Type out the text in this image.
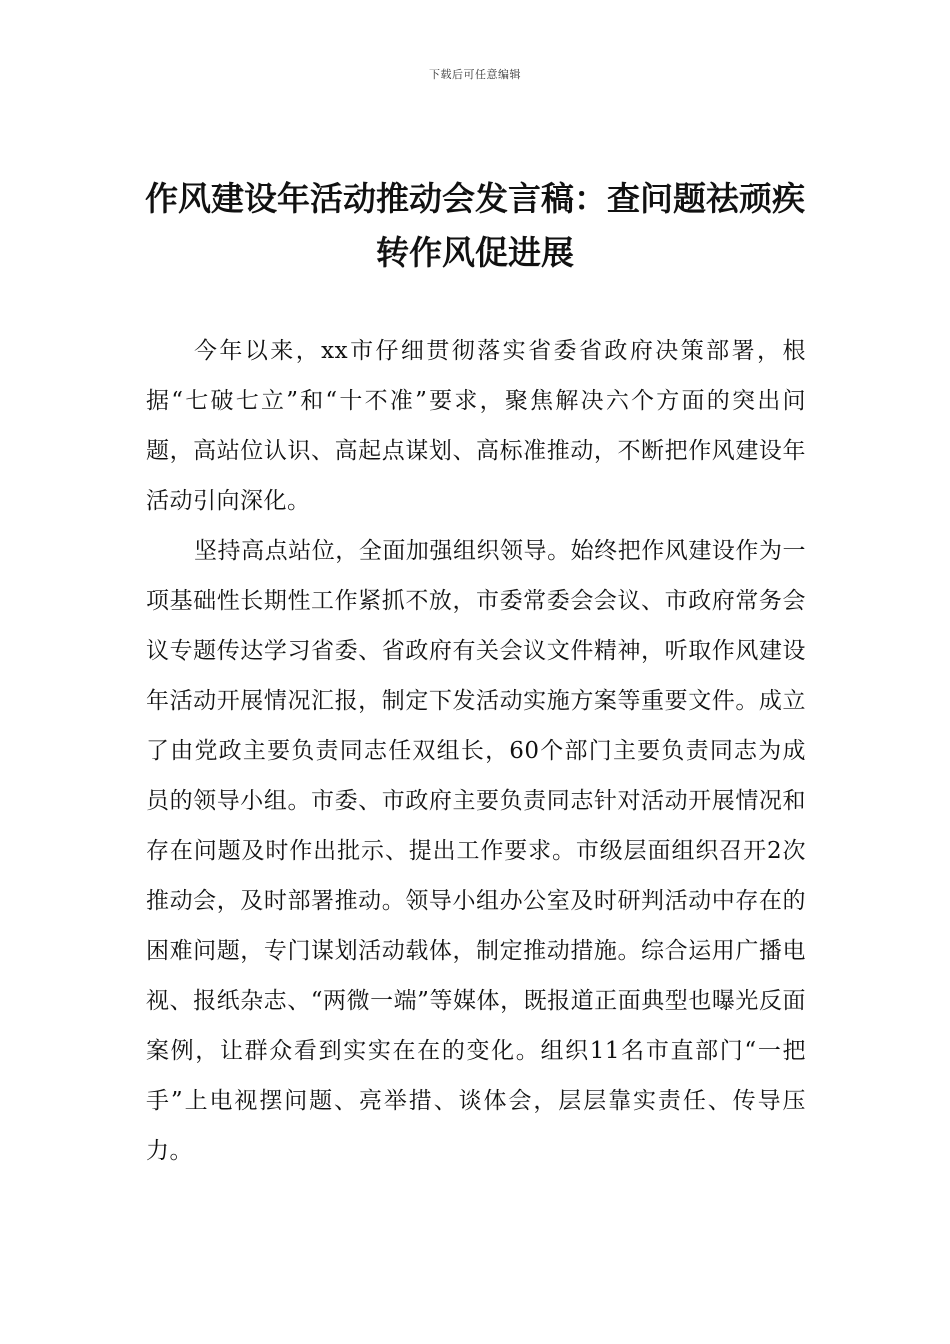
下载后可任意编辑
作风建设年活动推动会发言稿：查问题祛顽疾转作风促进展

今年以来，xx市仔细贯彻落实省委省政府决策部署，根据“七破七立”和“十不准”要求，聚焦解决六个方面的突出问题，高站位认识、高起点谋划、高标准推动，不断把作风建设年活动引向深化。

坚持高点站位，全面加强组织领导。始终把作风建设作为一项基础性长期性工作紧抓不放，市委常委会会议、市政府常务会议专题传达学习省委、省政府有关会议文件精神，听取作风建设年活动开展情况汇报，制定下发活动实施方案等重要文件。成立了由党政主要负责同志任双组长，60个部门主要负责同志为成员的领导小组。市委、市政府主要负责同志针对活动开展情况和存在问题及时作出批示、提出工作要求。市级层面组织召开2次推动会，及时部署推动。领导小组办公室及时研判活动中存在的困难问题，专门谋划活动载体，制定推动措施。综合运用广播电视、报纸杂志、“两微一端”等媒体，既报道正面典型也曝光反面案例，让群众看到实实在在的变化。组织11名市直部门“一把手”上电视摆问题、亮举措、谈体会，层层靠实责任、传导压力。
